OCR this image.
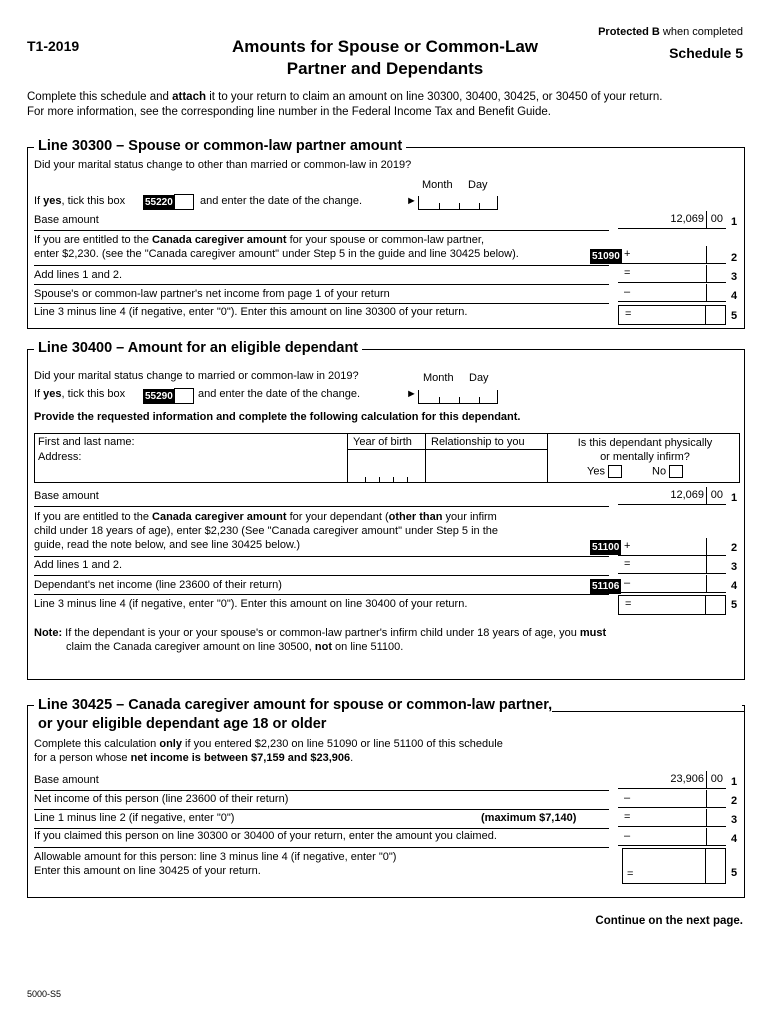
T1-2019	Amounts for Spouse or Common-Law
Partner and Dependants
Protected B when completed
Schedule 5
Complete this schedule and attach it to your return to claim an amount on line 30300, 30400, 30425, or 30450 of your return.
For more information, see the corresponding line number in the Federal Income Tax and Benefit Guide.
Line 30300 – Spouse or common-law partner amount
Did your marital status change to other than married or common-law in 2019?
Month Day
If yes, tick this box 55220 and enter the date of the change.	►
Base amount	12,069 00 1
If you are entitled to the Canada caregiver amount for your spouse or common-law partner,
enter $2,230. (see the "Canada caregiver amount" under Step 5 in the guide and line 30425 below).	51090 +	2
Add lines 1 and 2.	=	3
Spouse's or common-law partner's net income from page 1 of your return	–	4
Line 3 minus line 4 (if negative, enter "0"). Enter this amount on line 30300 of your return.	=	5
Line 30400 – Amount for an eligible dependant
Did your marital status change to married or common-law in 2019?	Month Day
If yes, tick this box 55290 and enter the date of the change.	►
Provide the requested information and complete the following calculation for this dependant.
First and last name:
Address:
Year of birth Relationship to you	Is this dependant physically
or mentally infirm?
Yes	No
Base amount	12,069 00 1
If you are entitled to the Canada caregiver amount for your dependant (other than your infirm
child under 18 years of age), enter $2,230 (See "Canada caregiver amount" under Step 5 in the
guide, read the note below, and see line 30425 below.)	51100 +	2
Add lines 1 and 2.	=	3
Dependant's net income (line 23600 of their return)	51106 –	4
Line 3 minus line 4 (if negative, enter "0"). Enter this amount on line 30400 of your return.	=	5
Note: If the dependant is your or your spouse's or common-law partner's infirm child under 18 years of age, you must
claim the Canada caregiver amount on line 30500, not on line 51100.
Line 30425 – Canada caregiver amount for spouse or common-law partner,
or your eligible dependant age 18 or older
Complete this calculation only if you entered $2,230 on line 51090 or line 51100 of this schedule
for a person whose net income is between $7,159 and $23,906.
Base amount	23,906 00 1
Net income of this person (line 23600 of their return)	–	2
Line 1 minus line 2 (if negative, enter "0")	(maximum $7,140)	=	3
If you claimed this person on line 30300 or 30400 of your return, enter the amount you claimed.	–	4
Allowable amount for this person: line 3 minus line 4 (if negative, enter "0")
Enter this amount on line 30425 of your return.	=	5
Continue on the next page.
5000-S5
